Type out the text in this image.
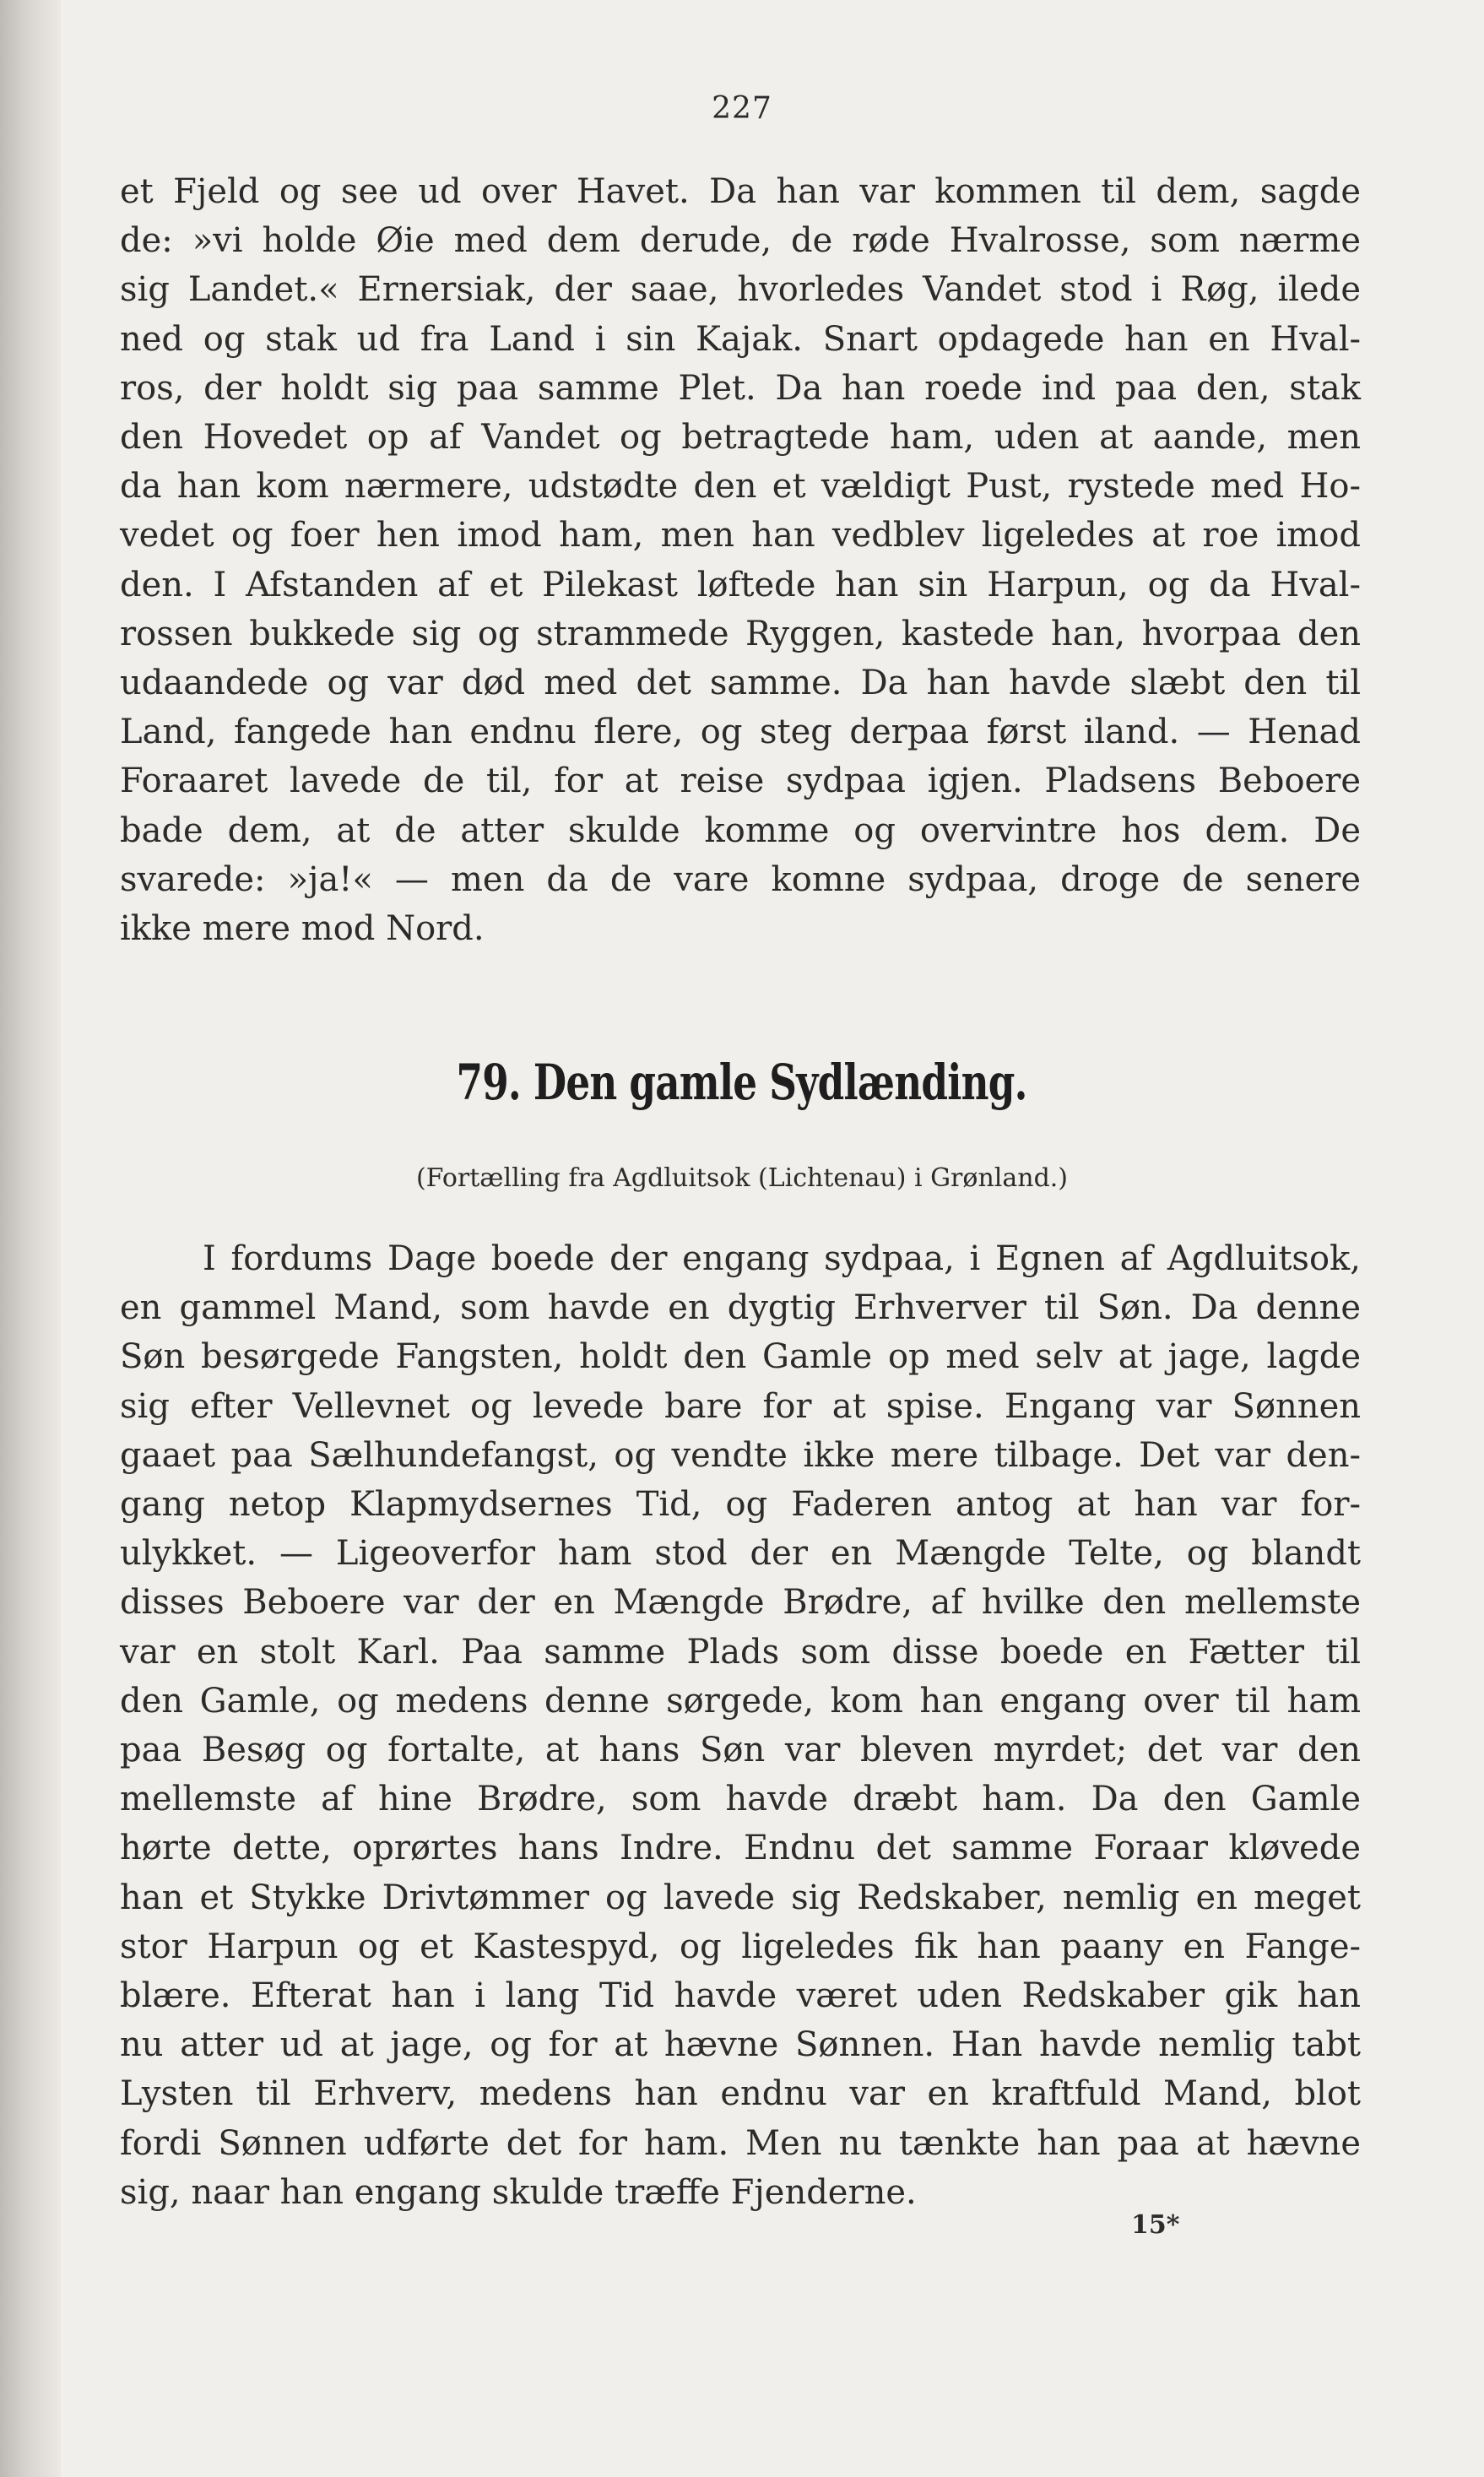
227

et Fjeld og see ud over Havet. Da han var kommen til dem, sagde
de: »vi holde Øie med dem derude, de røde Hvalrosse, som nærme
sig Landet.« Ernersiak, der saae, hvorledes Vandet stod i Røg, ilede
ned og stak ud fra Land i sin Kajak. Snart opdagede han en Hval-
ros, der holdt sig paa samme Plet. Da han roede ind paa den, stak
den Hovedet op af Vandet og betragtede ham, uden at aande, men
da han kom nærmere, udstødte den et vældigt Pust, rystede med Ho-
vedet og foer hen imod ham, men han vedblev ligeledes at roe imod
den. I Afstanden af et Pilekast løftede han sin Harpun, og da Hval-
rossen bukkede sig og strammede Ryggen, kastede han, hvorpaa den
udaandede og var død med det samme. Da han havde slæbt den til
Land, fangede han endnu flere, og steg derpaa først iland. — Henad
Foraaret lavede de til, for at reise sydpaa igjen. Pladsens Beboere
bade dem, at de atter skulde komme og overvintre hos dem. De
svarede: »ja!« — men da de vare komne sydpaa, droge de senere
ikke mere mod Nord.

79. Den gamle Sydlænding.
(Fortælling fra Agdluitsok (Lichtenau) i Grønland.)

I fordums Dage boede der engang sydpaa, i Egnen af Agdluitsok,
en gammel Mand, som havde en dygtig Erhverver til Søn. Da denne
Søn besørgede Fangsten, holdt den Gamle op med selv at jage, lagde
sig efter Vellevnet og levede bare for at spise. Engang var Sønnen
gaaet paa Sælhundefangst, og vendte ikke mere tilbage. Det var den-
gang netop Klapmydsernes Tid, og Faderen antog at han var for-
ulykket. — Ligeoverfor ham stod der en Mængde Telte, og blandt
disses Beboere var der en Mængde Brødre, af hvilke den mellemste
var en stolt Karl. Paa samme Plads som disse boede en Fætter til
den Gamle, og medens denne sørgede, kom han engang over til ham
paa Besøg og fortalte, at hans Søn var bleven myrdet; det var den
mellemste af hine Brødre, som havde dræbt ham. Da den Gamle
hørte dette, oprørtes hans Indre. Endnu det samme Foraar kløvede
han et Stykke Drivtømmer og lavede sig Redskaber, nemlig en meget
stor Harpun og et Kastespyd, og ligeledes fik han paany en Fange-
blære. Efterat han i lang Tid havde været uden Redskaber gik han
nu atter ud at jage, og for at hævne Sønnen. Han havde nemlig tabt
Lysten til Erhverv, medens han endnu var en kraftfuld Mand, blot
fordi Sønnen udførte det for ham. Men nu tænkte han paa at hævne
sig, naar han engang skulde træffe Fjenderne.

15*
